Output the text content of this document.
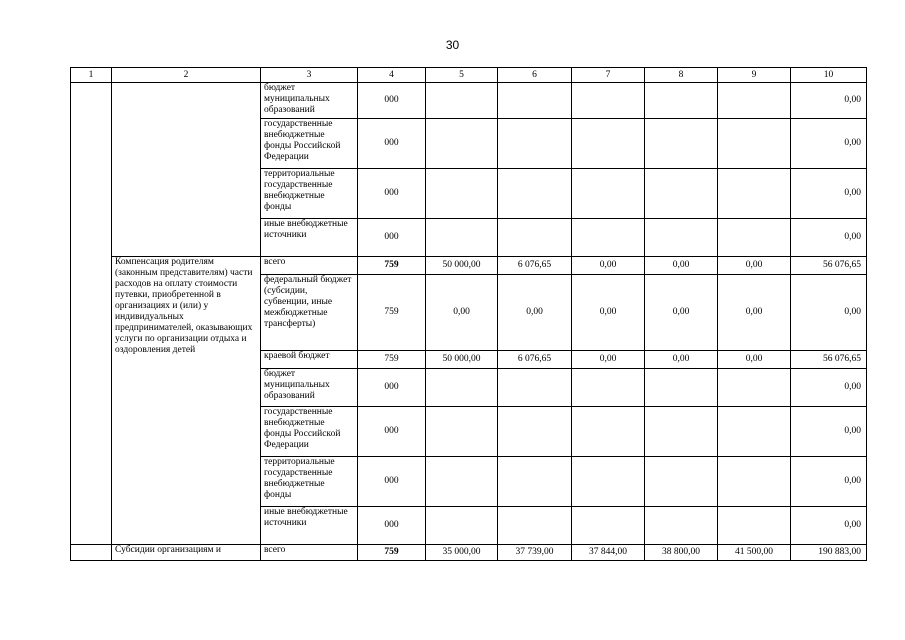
30
1	2	3	4	5	6	7	8	9	10
		бюджет муниципальных образований	000						0,00
		государственные внебюджетные фонды Российской Федерации	000						0,00
		территориальные государственные внебюджетные фонды	000						0,00
		иные внебюджетные источники	000						0,00
	Компенсация родителям (законным представителям) части расходов на оплату стоимости путевки, приобретенной в организациях и (или) у индивидуальных предпринимателей, оказывающих услуги по организации отдыха и оздоровления детей	всего	759	50 000,00	6 076,65	0,00	0,00	0,00	56 076,65
		федеральный бюджет (субсидии, субвенции, иные межбюджетные трансферты)	759	0,00	0,00	0,00	0,00	0,00	0,00
		краевой бюджет	759	50 000,00	6 076,65	0,00	0,00	0,00	56 076,65
		бюджет муниципальных образований	000						0,00
		государственные внебюджетные фонды Российской Федерации	000						0,00
		территориальные государственные внебюджетные фонды	000						0,00
		иные внебюджетные источники	000						0,00
	Субсидии организациям и	всего	759	35 000,00	37 739,00	37 844,00	38 800,00	41 500,00	190 883,00
